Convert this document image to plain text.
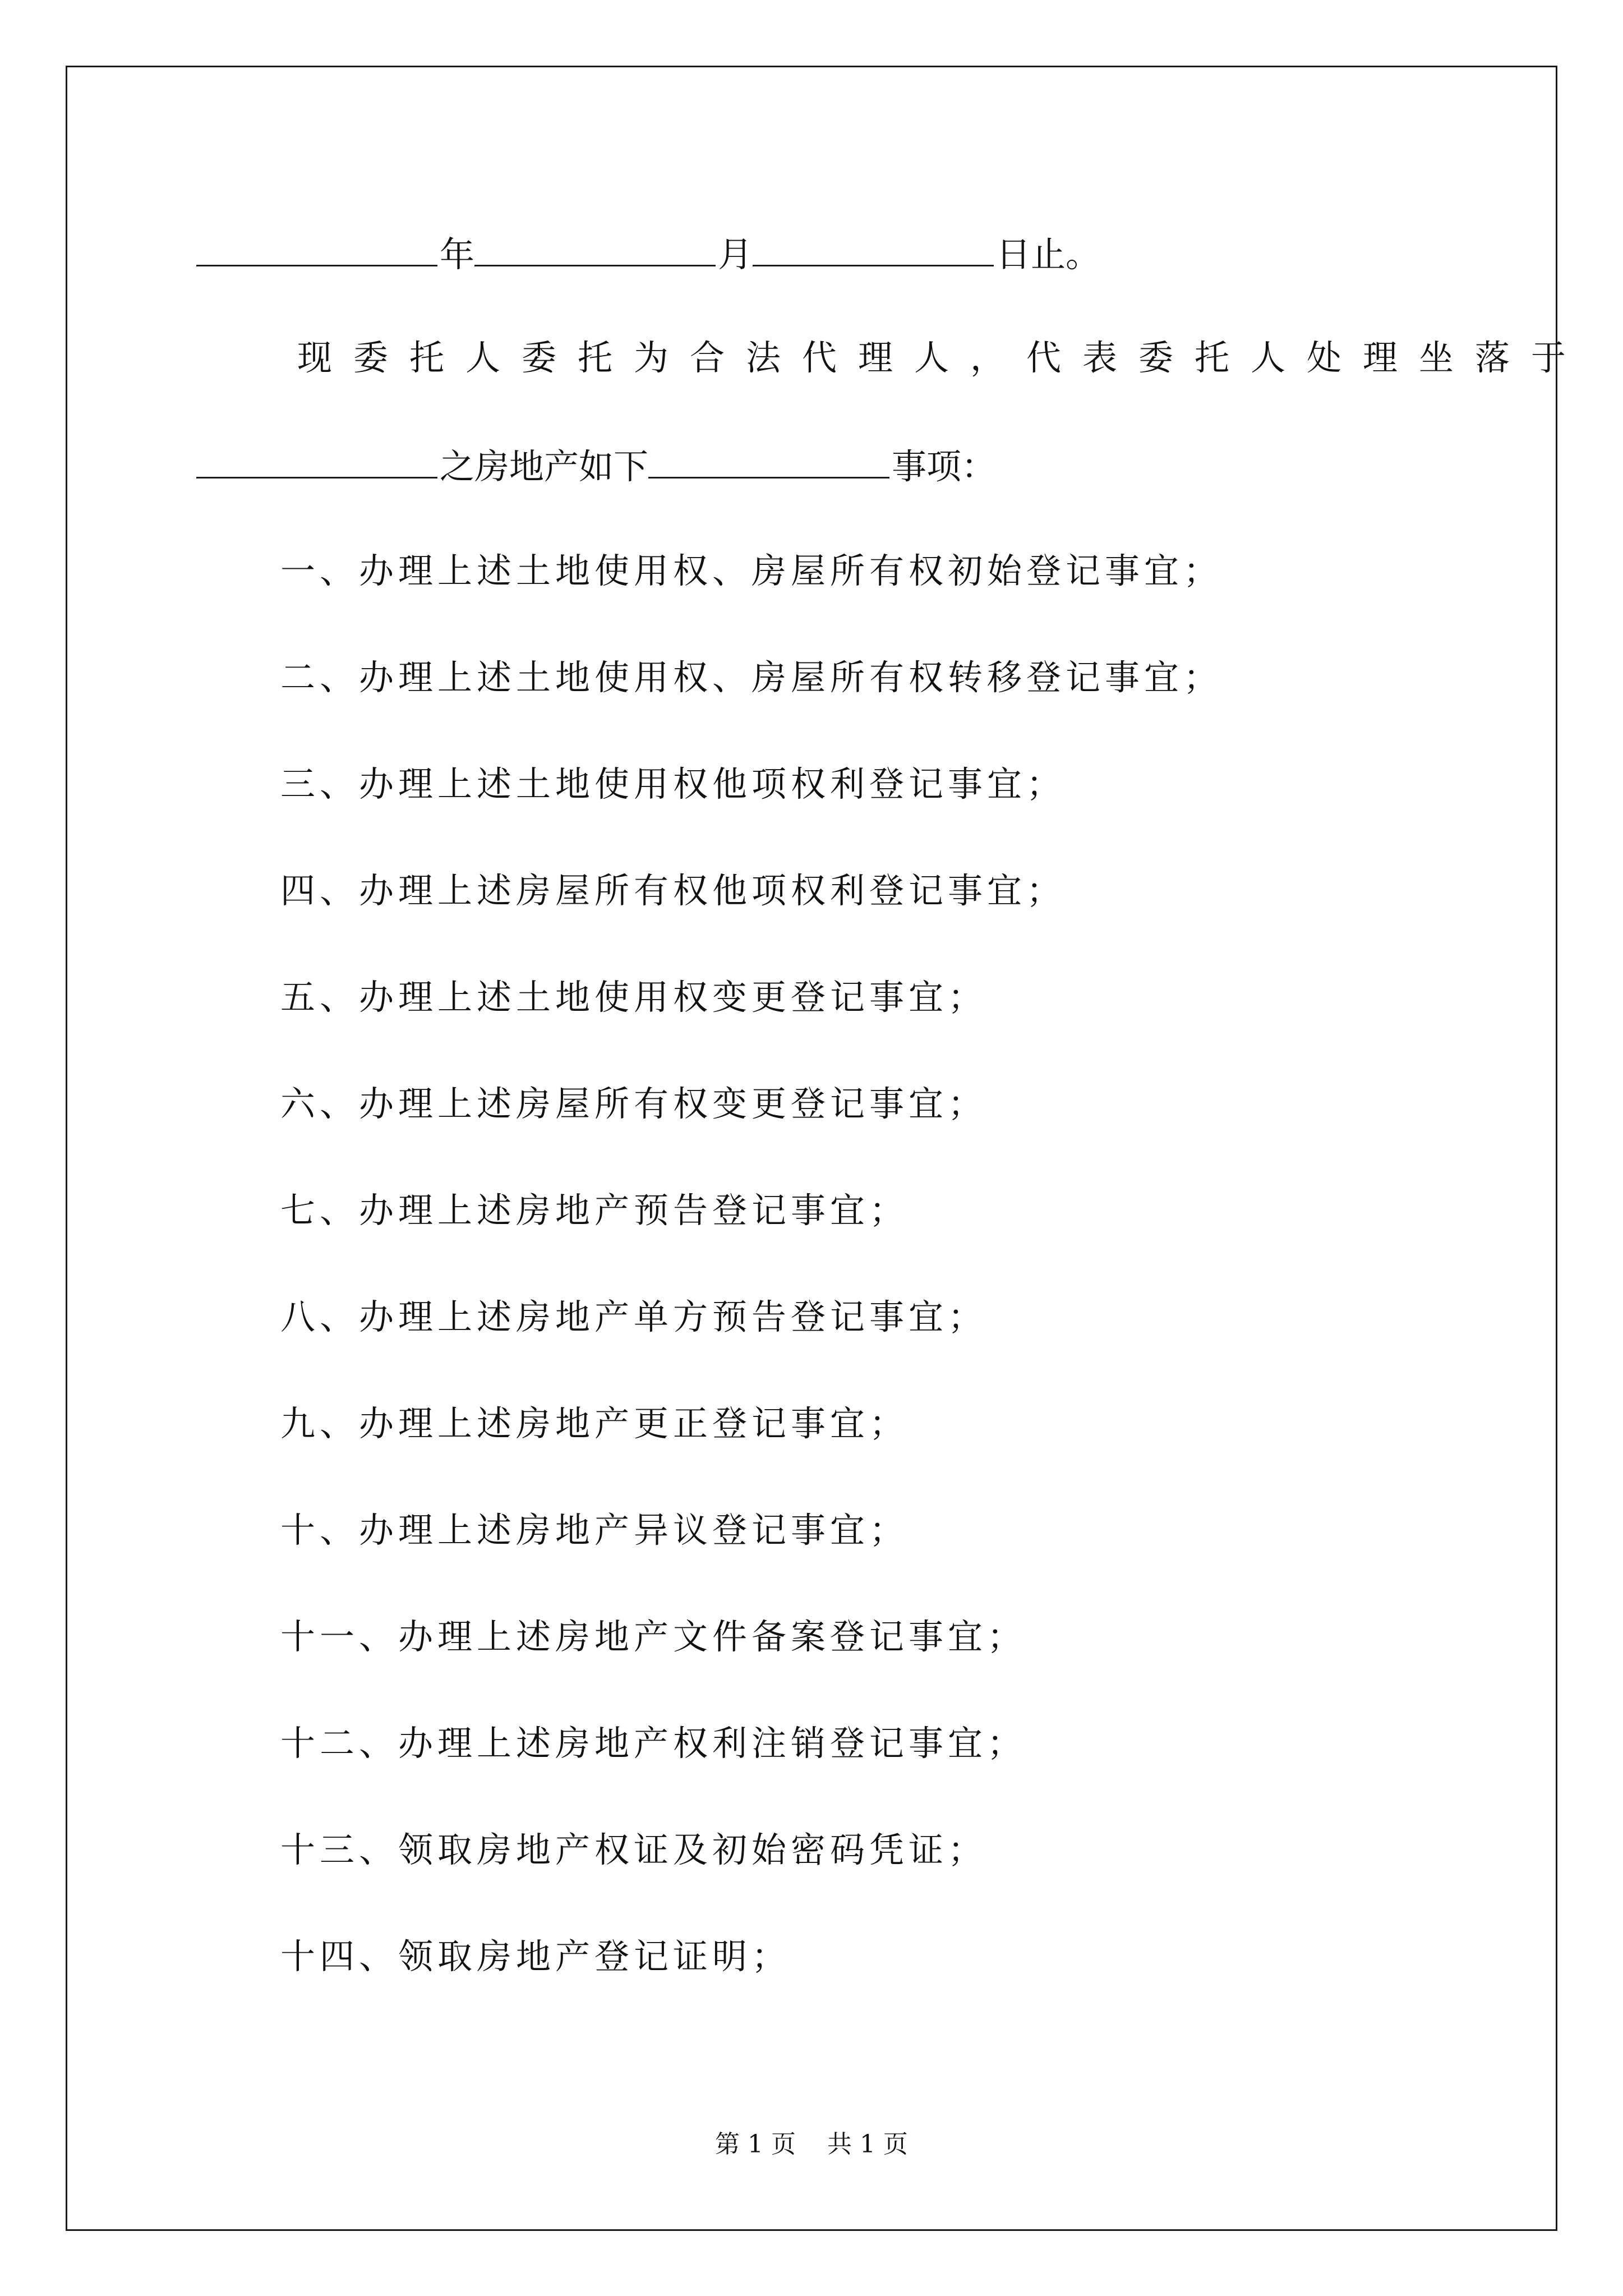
年	月	日止。
现委托人委托为合法代理人，代表委托人处理坐落于
之房地产如下	事项：
一、办理上述土地使用权、房屋所有权初始登记事宜；
二、办理上述土地使用权、房屋所有权转移登记事宜；
三、办理上述土地使用权他项权利登记事宜；
四、办理上述房屋所有权他项权利登记事宜；
五、办理上述土地使用权变更登记事宜；
六、办理上述房屋所有权变更登记事宜；
七、办理上述房地产预告登记事宜；
八、办理上述房地产单方预告登记事宜；
九、办理上述房地产更正登记事宜；
十、办理上述房地产异议登记事宜；
十一、办理上述房地产文件备案登记事宜；
十二、办理上述房地产权利注销登记事宜；
十三、领取房地产权证及初始密码凭证；
十四、领取房地产登记证明；
第 1 页 共 1 页
